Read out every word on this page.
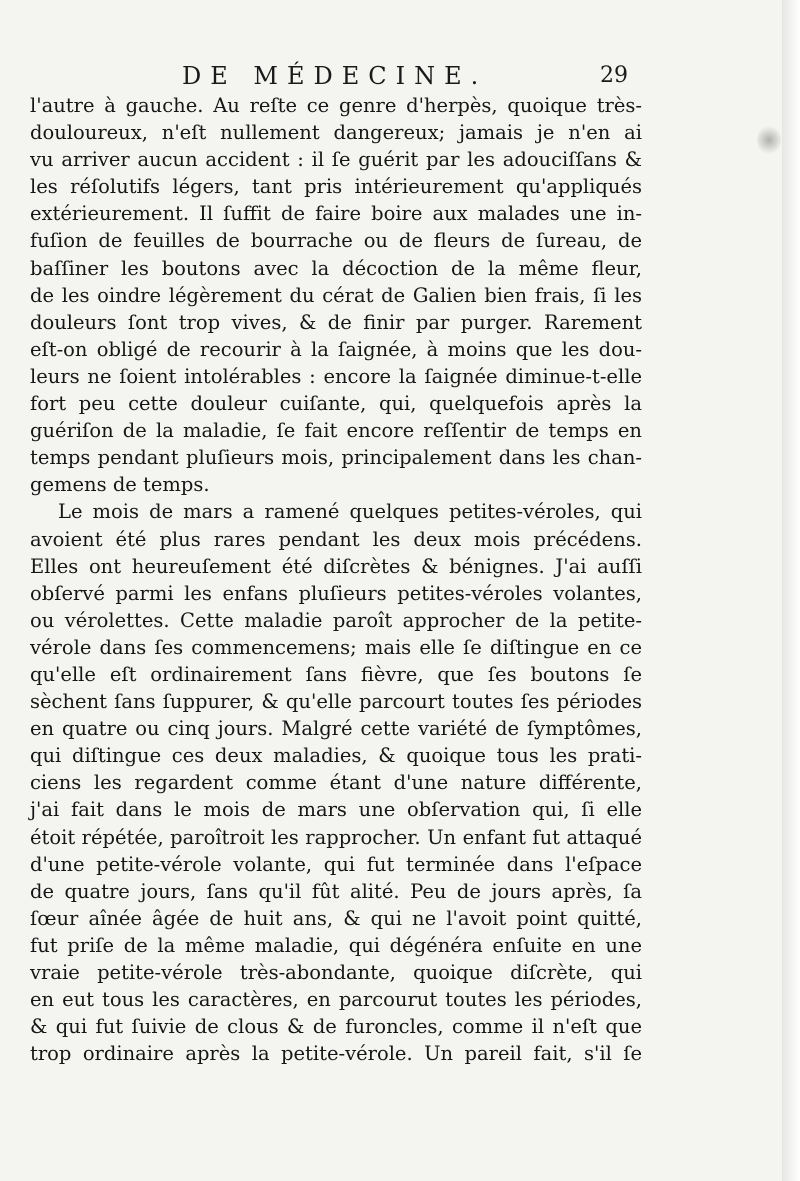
DE MÉDECINE.	29
l'autre à gauche. Au reſte ce genre d'herpès, quoique très-
douloureux, n'eſt nullement dangereux; jamais je n'en ai
vu arriver aucun accident : il ſe guérit par les adouciſſans &
les réſolutifs légers, tant pris intérieurement qu'appliqués
extérieurement. Il ſuffit de faire boire aux malades une in-
fuſion de feuilles de bourrache ou de fleurs de ſureau, de
baſſiner les boutons avec la décoction de la même fleur,
de les oindre légèrement du cérat de Galien bien frais, ſi les
douleurs ſont trop vives, & de finir par purger. Rarement
eſt-on obligé de recourir à la ſaignée, à moins que les dou-
leurs ne ſoient intolérables : encore la ſaignée diminue-t-elle
fort peu cette douleur cuiſante, qui, quelquefois après la
guériſon de la maladie, ſe fait encore reſſentir de temps en
temps pendant pluſieurs mois, principalement dans les chan-
gemens de temps.
Le mois de mars a ramené quelques petites-véroles, qui
avoient été plus rares pendant les deux mois précédens.
Elles ont heureuſement été diſcrètes & bénignes. J'ai auſſi
obſervé parmi les enfans pluſieurs petites-véroles volantes,
ou vérolettes. Cette maladie paroît approcher de la petite-
vérole dans ſes commencemens; mais elle ſe diſtingue en ce
qu'elle eſt ordinairement ſans fièvre, que ſes boutons ſe
sèchent ſans ſuppurer, & qu'elle parcourt toutes ſes périodes
en quatre ou cinq jours. Malgré cette variété de ſymptômes,
qui diſtingue ces deux maladies, & quoique tous les prati-
ciens les regardent comme étant d'une nature différente,
j'ai fait dans le mois de mars une obſervation qui, ſi elle
étoit répétée, paroîtroit les rapprocher. Un enfant fut attaqué
d'une petite-vérole volante, qui fut terminée dans l'eſpace
de quatre jours, ſans qu'il fût alité. Peu de jours après, ſa
ſœur aînée âgée de huit ans, & qui ne l'avoit point quitté,
fut priſe de la même maladie, qui dégénéra enſuite en une
vraie petite-vérole très-abondante, quoique diſcrète, qui
en eut tous les caractères, en parcourut toutes les périodes,
& qui fut ſuivie de clous & de furoncles, comme il n'eſt que
trop ordinaire après la petite-vérole. Un pareil fait, s'il ſe
